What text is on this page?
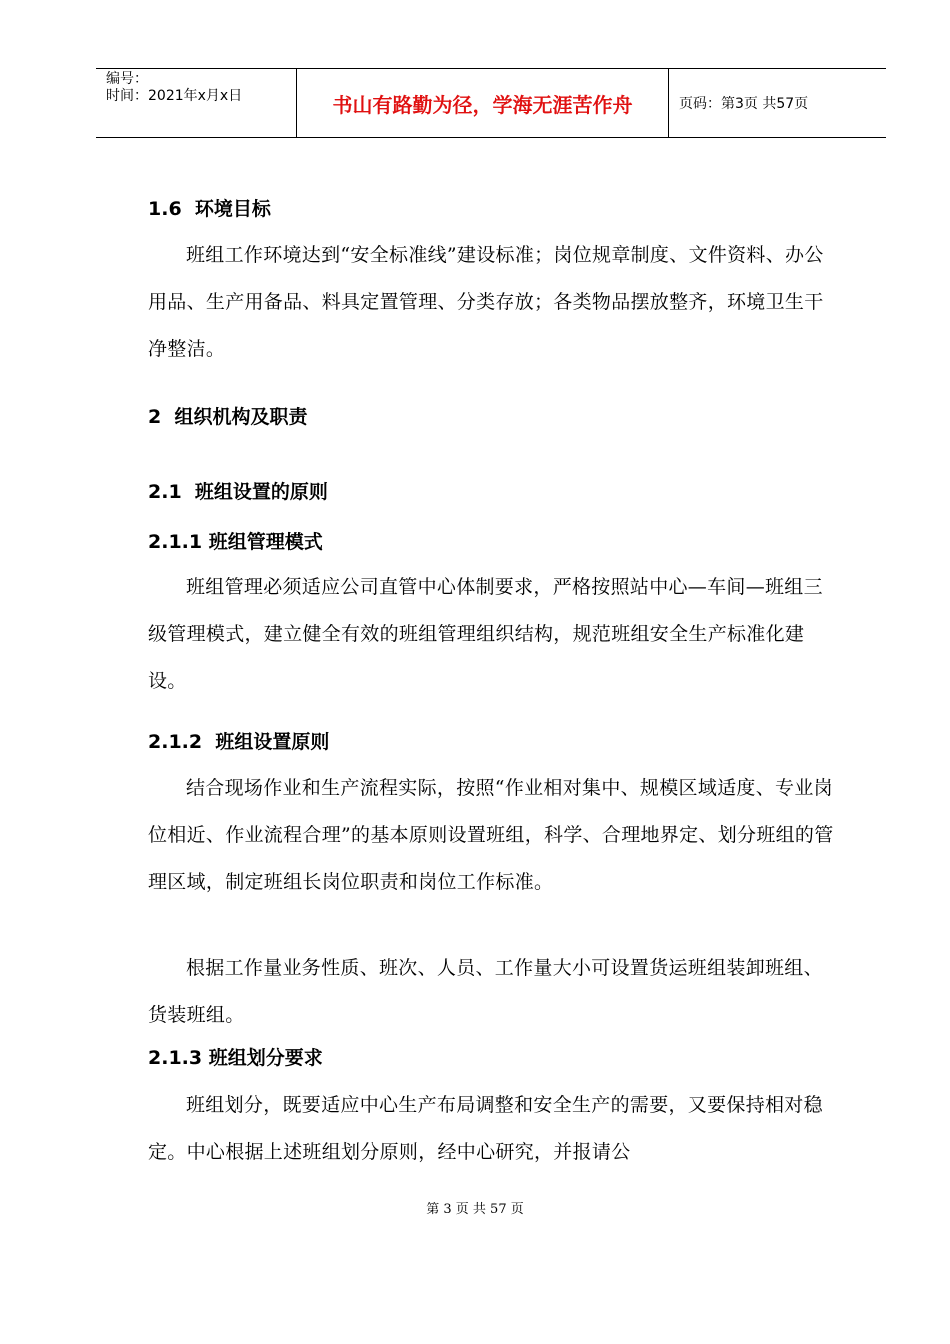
编号：
时间：2021年x月x日	书山有路勤为径，学海无涯苦作舟	页码：第3页 共57页
1.6  环境目标

班组工作环境达到“安全标准线”建设标准；岗位规章制度、文件资料、办公用品、生产用备品、料具定置管理、分类存放；各类物品摆放整齐，环境卫生干净整洁。

2  组织机构及职责
2.1  班组设置的原则
2.1.1 班组管理模式

班组管理必须适应公司直管中心体制要求，严格按照站中心—车间—班组三级管理模式，建立健全有效的班组管理组织结构，规范班组安全生产标准化建设。

2.1.2  班组设置原则

结合现场作业和生产流程实际，按照“作业相对集中、规模区域适度、专业岗位相近、作业流程合理”的基本原则设置班组，科学、合理地界定、划分班组的管理区域，制定班组长岗位职责和岗位工作标准。

根据工作量业务性质、班次、人员、工作量大小可设置货运班组装卸班组、货装班组。

2.1.3 班组划分要求

班组划分，既要适应中心生产布局调整和安全生产的需要，又要保持相对稳定。中心根据上述班组划分原则，经中心研究，并报请公

第 3 页 共 57 页
